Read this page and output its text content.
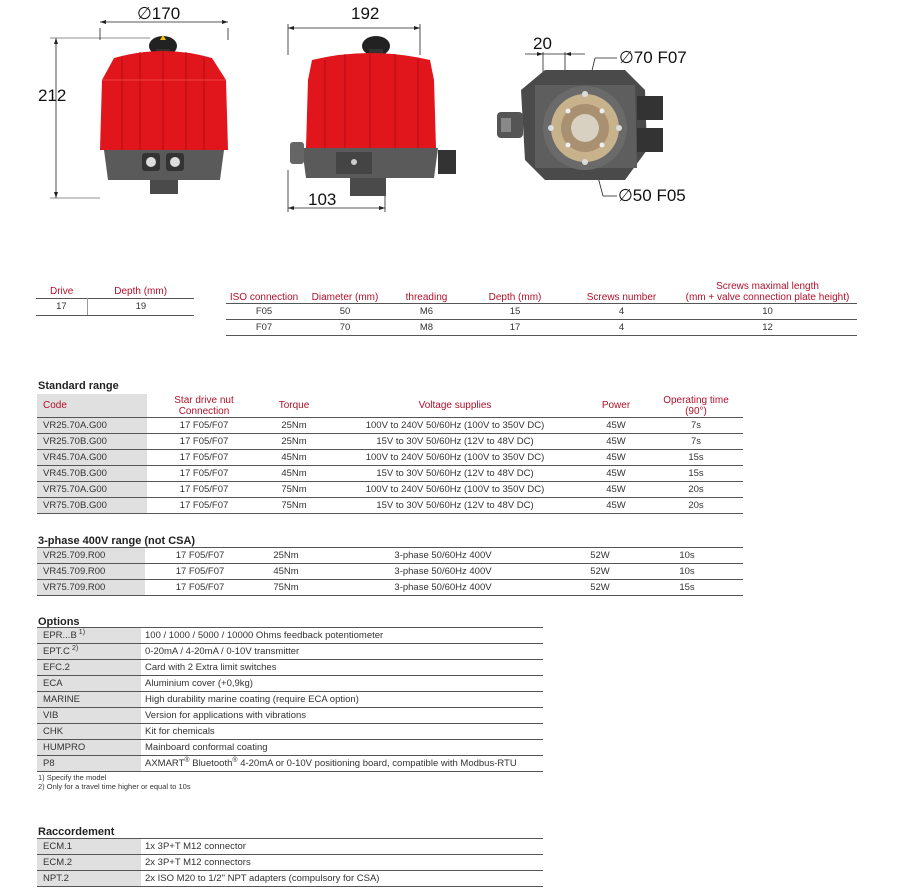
∅170
212
192
103
20
∅70 F07
∅50 F05
Drive	Depth (mm)
17	19
ISO connection	Diameter (mm)	threading	Depth (mm)	Screws number	Screws maximal length
(mm + valve connection plate height)

F05	50	M6	15	4	10
F07	70	M8	17	4	12
Standard range
Code	Star drive nut
Connection	Torque	Voltage supplies	Power	Operating time (90°)
VR25.70A.G00	17 F05/F07	25Nm	100V to 240V 50/60Hz (100V to 350V DC)	45W	7s
VR25.70B.G00	17 F05/F07	25Nm	15V to 30V 50/60Hz (12V to 48V DC)	45W	7s
VR45.70A.G00	17 F05/F07	45Nm	100V to 240V 50/60Hz (100V to 350V DC)	45W	15s
VR45.70B.G00	17 F05/F07	45Nm	15V to 30V 50/60Hz (12V to 48V DC)	45W	15s
VR75.70A.G00	17 F05/F07	75Nm	100V to 240V 50/60Hz (100V to 350V DC)	45W	20s
VR75.70B.G00	17 F05/F07	75Nm	15V to 30V 50/60Hz (12V to 48V DC)	45W	20s
3-phase 400V range (not CSA)
VR25.709.R00	17 F05/F07	25Nm	3-phase 50/60Hz 400V	52W	10s
VR45.709.R00	17 F05/F07	45Nm	3-phase 50/60Hz 400V	52W	10s
VR75.709.R00	17 F05/F07	75Nm	3-phase 50/60Hz 400V	52W	15s
Options
EPR...B $^{1)}$	100 / 1000 / 5000 / 10000 Ohms feedback potentiometer
EPT.C $^{2)}$	0-20mA / 4-20mA / 0-10V transmitter
EFC.2	Card with 2 Extra limit switches
ECA	Aluminium cover (+0,9kg)
MARINE	High durability marine coating (require ECA option)
VIB	Version for applications with vibrations
CHK	Kit for chemicals
HUMPRO	Mainboard conformal coating
P8	AXMART® Bluetooth® 4-20mA or 0-10V positioning board, compatible with Modbus-RTU
1) Specify the model
2) Only for a travel time higher or equal to 10s
Raccordement
ECM.1	1x 3P+T M12 connector
ECM.2	2x 3P+T M12 connectors
NPT.2	2x ISO M20 to 1/2" NPT adapters (compulsory for CSA)
